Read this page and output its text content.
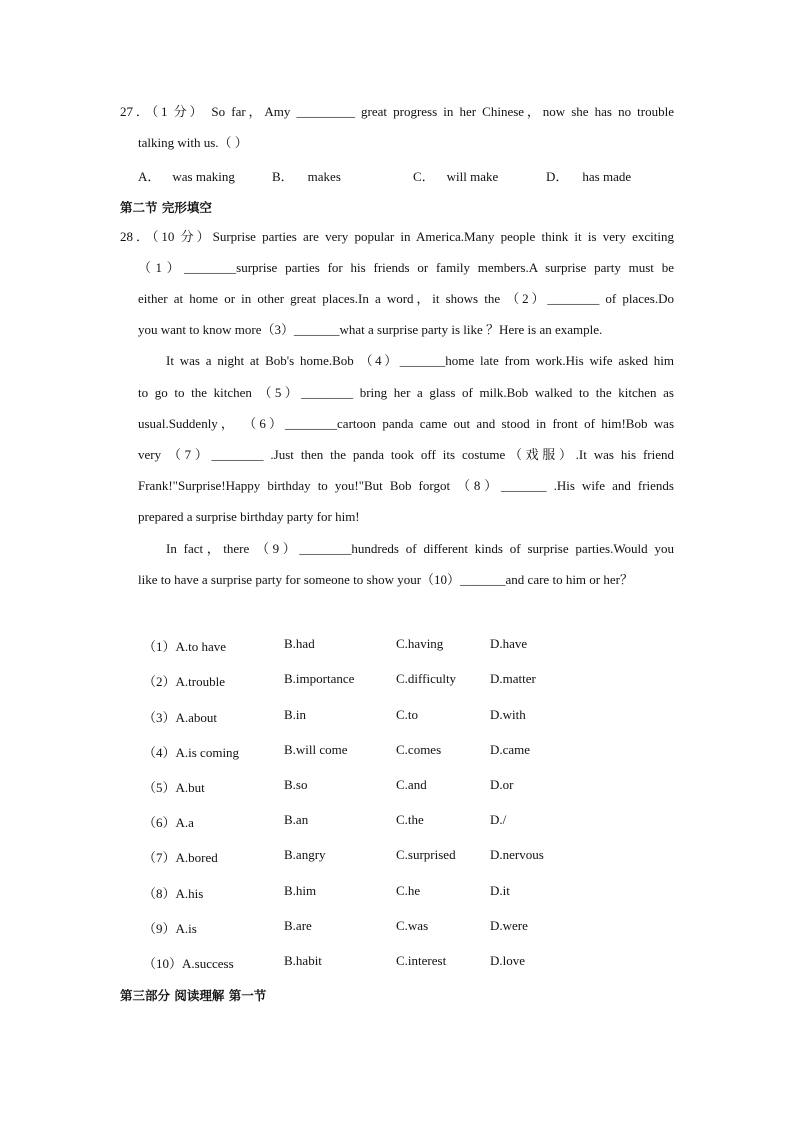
27．（1 分） So far，Amy _________ great progress in her Chinese，now she has no trouble
talking with us.（ ）
A． was making	B． makes	C． will make	D． has made
第二节 完形填空
28．（10 分）Surprise parties are very popular in America.Many people think it is very exciting
（1）________surprise parties for his friends or family members.A surprise party must be
either at home or in other great places.In a word，it shows the （2）________ of places.Do
you want to know more（3）_______what a surprise party is like ？Here is an example.
It was a night at Bob's home.Bob （4）_______home late from work.His wife asked him
to go to the kitchen （5）________ bring her a glass of milk.Bob walked to the kitchen as
usual.Suddenly， （6）________cartoon panda came out and stood in front of him!Bob was
very （7）________ .Just then the panda took off its costume（戏服）.It was his friend
Frank!"Surprise!Happy birthday to you!"But Bob forgot （8）_______ .His wife and friends
prepared a surprise birthday party for him!
In fact，there （9）________hundreds of different kinds of surprise parties.Would you
like to have a surprise party for someone to show your（10）_______and care to him or her？
（1）A.to have	B.had	C.having	D.have
（2）A.trouble	B.importance	C.difficulty	D.matter
（3）A.about	B.in	C.to	D.with
（4）A.is coming	B.will come	C.comes	D.came
（5）A.but	B.so	C.and	D.or
（6）A.a	B.an	C.the	D./
（7）A.bored	B.angry	C.surprised	D.nervous
（8）A.his	B.him	C.he	D.it
（9）A.is	B.are	C.was	D.were
（10）A.success	B.habit	C.interest	D.love
第三部分 阅读理解 第一节
